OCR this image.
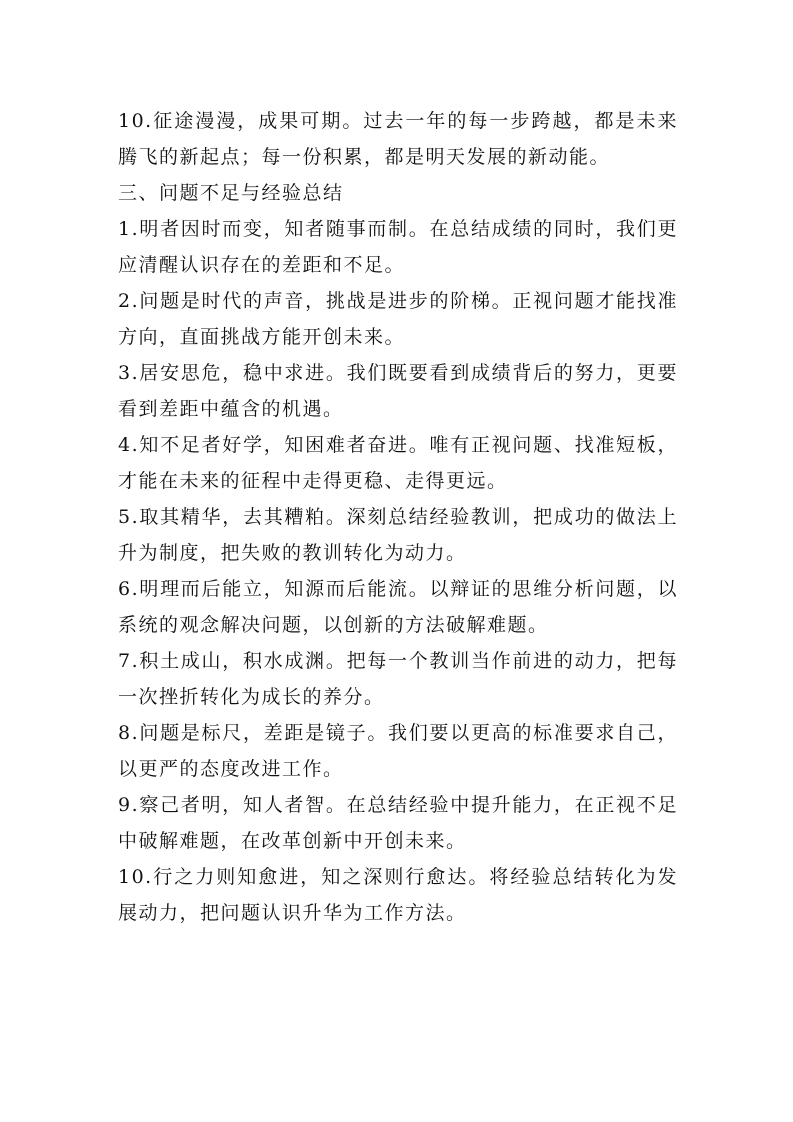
10.征途漫漫，成果可期。过去一年的每一步跨越，都是未来腾飞的新起点；每一份积累，都是明天发展的新动能。

三、问题不足与经验总结

1.明者因时而变，知者随事而制。在总结成绩的同时，我们更应清醒认识存在的差距和不足。

2.问题是时代的声音，挑战是进步的阶梯。正视问题才能找准方向，直面挑战方能开创未来。

3.居安思危，稳中求进。我们既要看到成绩背后的努力，更要看到差距中蕴含的机遇。

4.知不足者好学，知困难者奋进。唯有正视问题、找准短板，才能在未来的征程中走得更稳、走得更远。

5.取其精华，去其糟粕。深刻总结经验教训，把成功的做法上升为制度，把失败的教训转化为动力。

6.明理而后能立，知源而后能流。以辩证的思维分析问题，以系统的观念解决问题，以创新的方法破解难题。

7.积土成山，积水成渊。把每一个教训当作前进的动力，把每一次挫折转化为成长的养分。

8.问题是标尺，差距是镜子。我们要以更高的标准要求自己，以更严的态度改进工作。

9.察己者明，知人者智。在总结经验中提升能力，在正视不足中破解难题，在改革创新中开创未来。

10.行之力则知愈进，知之深则行愈达。将经验总结转化为发展动力，把问题认识升华为工作方法。
